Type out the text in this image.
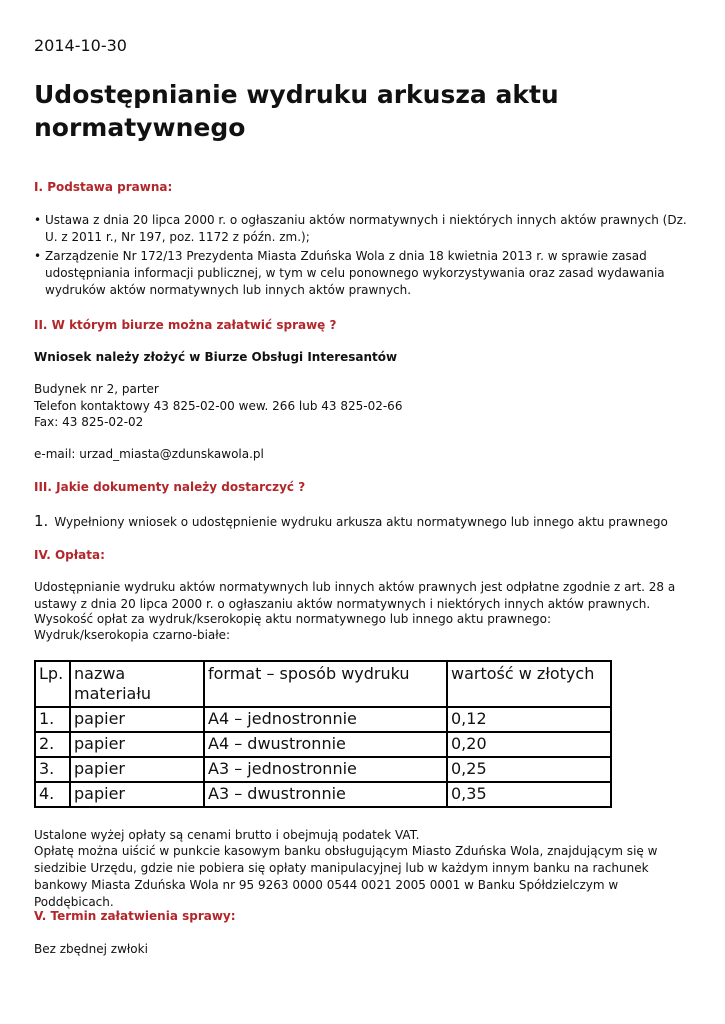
2014-10-30
Udostępnianie wydruku arkusza aktu normatywnego
I. Podstawa prawna:
• Ustawa z dnia 20 lipca 2000 r. o ogłaszaniu aktów normatywnych i niektórych innych aktów prawnych (Dz. U. z 2011 r., Nr 197, poz. 1172 z późn. zm.);
• Zarządzenie Nr 172/13 Prezydenta Miasta Zduńska Wola z dnia 18 kwietnia 2013 r. w sprawie zasad udostępniania informacji publicznej, w tym w celu ponownego wykorzystywania oraz zasad wydawania wydruków aktów normatywnych lub innych aktów prawnych.
II. W którym biurze można załatwić sprawę ?

Wniosek należy złożyć w Biurze Obsługi Interesantów

Budynek nr 2, parter

Telefon kontaktowy 43 825-02-00 wew. 266 lub 43 825-02-66

Fax: 43 825-02-02

e-mail: urzad_miasta@zdunskawola.pl

III. Jakie dokumenty należy dostarczyć ?
1. Wypełniony wniosek o udostępnienie wydruku arkusza aktu normatywnego lub innego aktu prawnego
IV. Opłata:

Udostępnianie wydruku aktów normatywnych lub innych aktów prawnych jest odpłatne zgodnie z art. 28 a ustawy z dnia 20 lipca 2000 r. o ogłaszaniu aktów normatywnych i niektórych innych aktów prawnych.

Wysokość opłat za wydruk/kserokopię aktu normatywnego lub innego aktu prawnego:

Wydruk/kserokopia czarno-białe:

Lp.	nazwa materiału	format – sposób wydruku	wartość w złotych
1.	papier	A4 – jednostronnie	0,12
2.	papier	A4 – dwustronnie	0,20
3.	papier	A3 – jednostronnie	0,25
4.	papier	A3 – dwustronnie	0,35

Ustalone wyżej opłaty są cenami brutto i obejmują podatek VAT.

Opłatę można uiścić w punkcie kasowym banku obsługującym Miasto Zduńska Wola, znajdującym się w siedzibie Urzędu, gdzie nie pobiera się opłaty manipulacyjnej lub w każdym innym banku na rachunek bankowy Miasta Zduńska Wola nr 95 9263 0000 0544 0021 2005 0001 w Banku Spółdzielczym w Poddębicach.

V. Termin załatwienia sprawy:

Bez zbędnej zwłoki
